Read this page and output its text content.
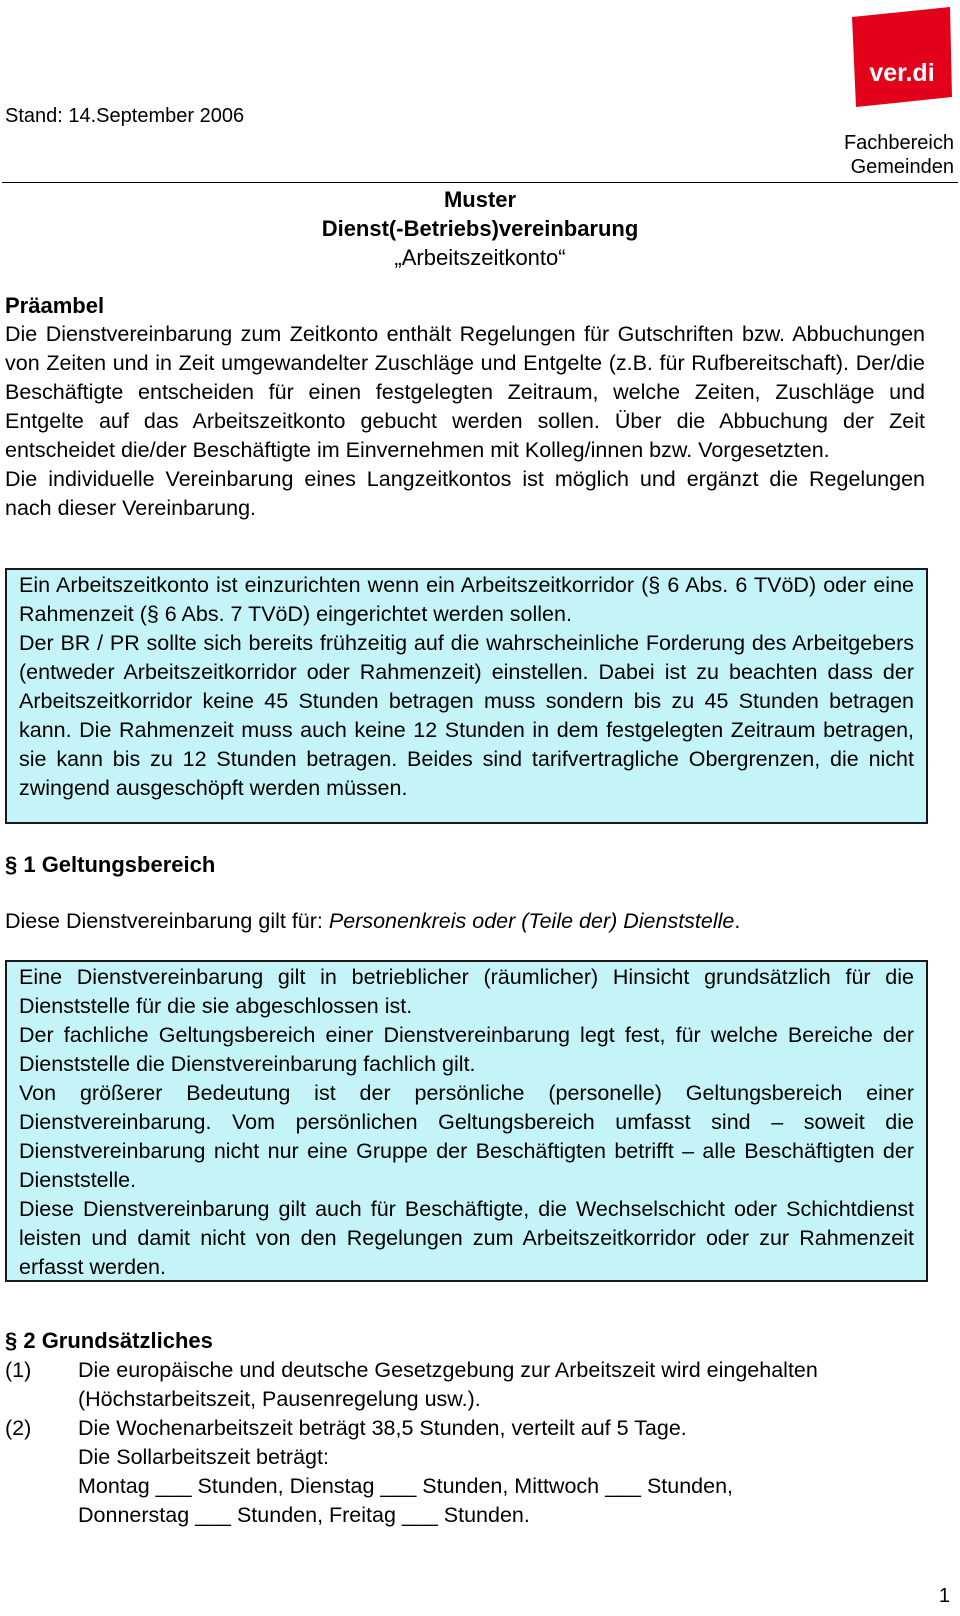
Stand: 14.September 2006
ver.di
Fachbereich
Gemeinden
Muster
Dienst(-Betriebs)vereinbarung
„Arbeitszeitkonto“
Präambel

Die Dienstvereinbarung zum Zeitkonto enthält Regelungen für Gutschriften bzw. Abbuchungen von Zeiten und in Zeit umgewandelter Zuschläge und Entgelte (z.B. für Rufbereitschaft). Der/die Beschäftigte entscheiden für einen festgelegten Zeitraum, welche Zeiten, Zuschläge und Entgelte auf das Arbeitszeitkonto gebucht werden sollen. Über die Abbuchung der Zeit entscheidet die/der Beschäftigte im Einvernehmen mit Kolleg/innen bzw. Vorgesetzten.

Die individuelle Vereinbarung eines Langzeitkontos ist möglich und ergänzt die Regelungen nach dieser Vereinbarung.

Ein Arbeitszeitkonto ist einzurichten wenn ein Arbeitszeitkorridor (§ 6 Abs. 6 TVöD) oder eine Rahmenzeit (§ 6 Abs. 7 TVöD) eingerichtet werden sollen.

Der BR / PR sollte sich bereits frühzeitig auf die wahrscheinliche Forderung des Arbeitgebers (entweder Arbeitszeitkorridor oder Rahmenzeit) einstellen. Dabei ist zu beachten dass der Arbeitszeitkorridor keine 45 Stunden betragen muss sondern bis zu 45 Stunden betragen kann. Die Rahmenzeit muss auch keine 12 Stunden in dem festgelegten Zeitraum betragen, sie kann bis zu 12 Stunden betragen. Beides sind tarifvertragliche Obergrenzen, die nicht zwingend ausgeschöpft werden müssen.

§ 1 Geltungsbereich
Diese Dienstvereinbarung gilt für: Personenkreis oder (Teile der) Dienststelle.

Eine Dienstvereinbarung gilt in betrieblicher (räumlicher) Hinsicht grundsätzlich für die Dienststelle für die sie abgeschlossen ist.

Der fachliche Geltungsbereich einer Dienstvereinbarung legt fest, für welche Bereiche der Dienststelle die Dienstvereinbarung fachlich gilt.

Von größerer Bedeutung ist der persönliche (personelle) Geltungsbereich einer Dienstvereinbarung. Vom persönlichen Geltungsbereich umfasst sind – soweit die Dienstvereinbarung nicht nur eine Gruppe der Beschäftigten betrifft – alle Beschäftigten der Dienststelle.

Diese Dienstvereinbarung gilt auch für Beschäftigte, die Wechselschicht oder Schichtdienst leisten und damit nicht von den Regelungen zum Arbeitszeitkorridor oder zur Rahmenzeit erfasst werden.

§ 2 Grundsätzliches
(1)	Die europäische und deutsche Gesetzgebung zur Arbeitszeit wird eingehalten (Höchstarbeitszeit, Pausenregelung usw.).
(2)	Die Wochenarbeitszeit beträgt 38,5 Stunden, verteilt auf 5 Tage.
Die Sollarbeitszeit beträgt:
Montag ___ Stunden, Dienstag ___ Stunden, Mittwoch ___ Stunden,
Donnerstag ___ Stunden, Freitag ___ Stunden.
1
